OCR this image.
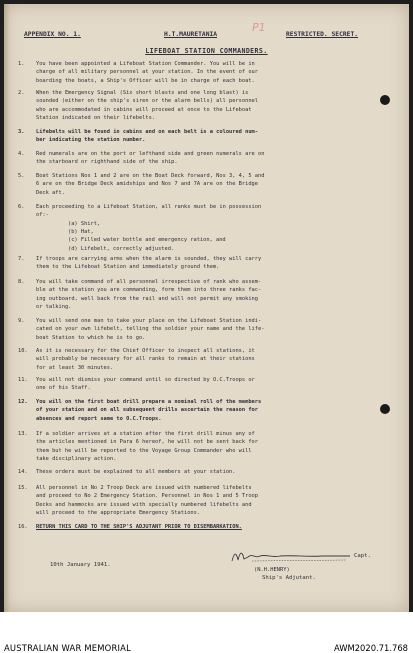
P1
APPENDIX NO. 1.	H.T.MAURETANIA	RESTRICTED. SECRET.
LIFEBOAT STATION COMMANDERS.
1.	You have been appointed a Lifeboat Station Commander. You will be in
charge of all military personnel at your station. In the event of our
boarding the boats, a Ship's Officer will be in charge of each boat.
2.	When the Emergency Signal (Six short blasts and one long blast) is
sounded (either on the ship's siren or the alarm bells) all personnel
who are accommodated in cabins will proceed at once to the Lifeboat
Station indicated on their lifebelts.
3.	Lifebelts will be found in cabins and on each belt is a coloured num-
ber indicating the station number.
4.	Red numerals are on the port or lefthand side and green numerals are on
the starboard or righthand side of the ship.
5.	Boat Stations Nos 1 and 2 are on the Boat Deck forward, Nos 3, 4, 5 and
6 are on the Bridge Deck amidships and Nos 7 and 7A are on the Bridge
Deck aft.
6.	Each proceeding to a Lifeboat Station, all ranks must be in possession
of:-
(a) Shirt,
(b) Hat,
(c) Filled water bottle and emergency ration, and
(d) Lifebelt, correctly adjusted.
7.	If troops are carrying arms when the alarm is sounded, they will carry
them to the Lifeboat Station and immediately ground them.
8.	You will take command of all personnel irrespective of rank who assem-
ble at the station you are commanding, form them into three ranks fac-
ing outboard, well back from the rail and will not permit any smoking
or talking.
9.	You will send one man to take your place on the Lifeboat Station indi-
cated on your own lifebelt, telling the soldier your name and the life-
boat Station to which he is to go.
10.	As it is necessary for the Chief Officer to inspect all stations, it
will probably be necessary for all ranks to remain at their stations
for at least 30 minutes.
11.	You will not dismiss your command until so directed by O.C.Troops or
one of his Staff.
12.	You will on the first boat drill prepare a nominal roll of the members
of your station and on all subsequent drills ascertain the reason for
absences and report same to O.C.Troops.
13.	If a soldier arrives at a station after the first drill minus any of
the articles mentioned in Para 6 hereof, he will not be sent back for
them but he will be reported to the Voyage Group Commander who will
take disciplinary action.
14.	These orders must be explained to all members at your station.
15.	All personnel in No 2 Troop Deck are issued with numbered lifebelts
and proceed to No 2 Emergency Station. Personnel in Nos 1 and 5 Troop
Decks and hammocks are issued with specially numbered lifebelts and
will proceed to the appropriate Emergency Stations.
16.	RETURN THIS CARD TO THE SHIP'S ADJUTANT PRIOR TO DISEMBARKATION.
10th January 1941.
Capt.
(N.H.HENRY)
Ship's Adjutant.
AUSTRALIAN WAR MEMORIAL	AWM2020.71.768
